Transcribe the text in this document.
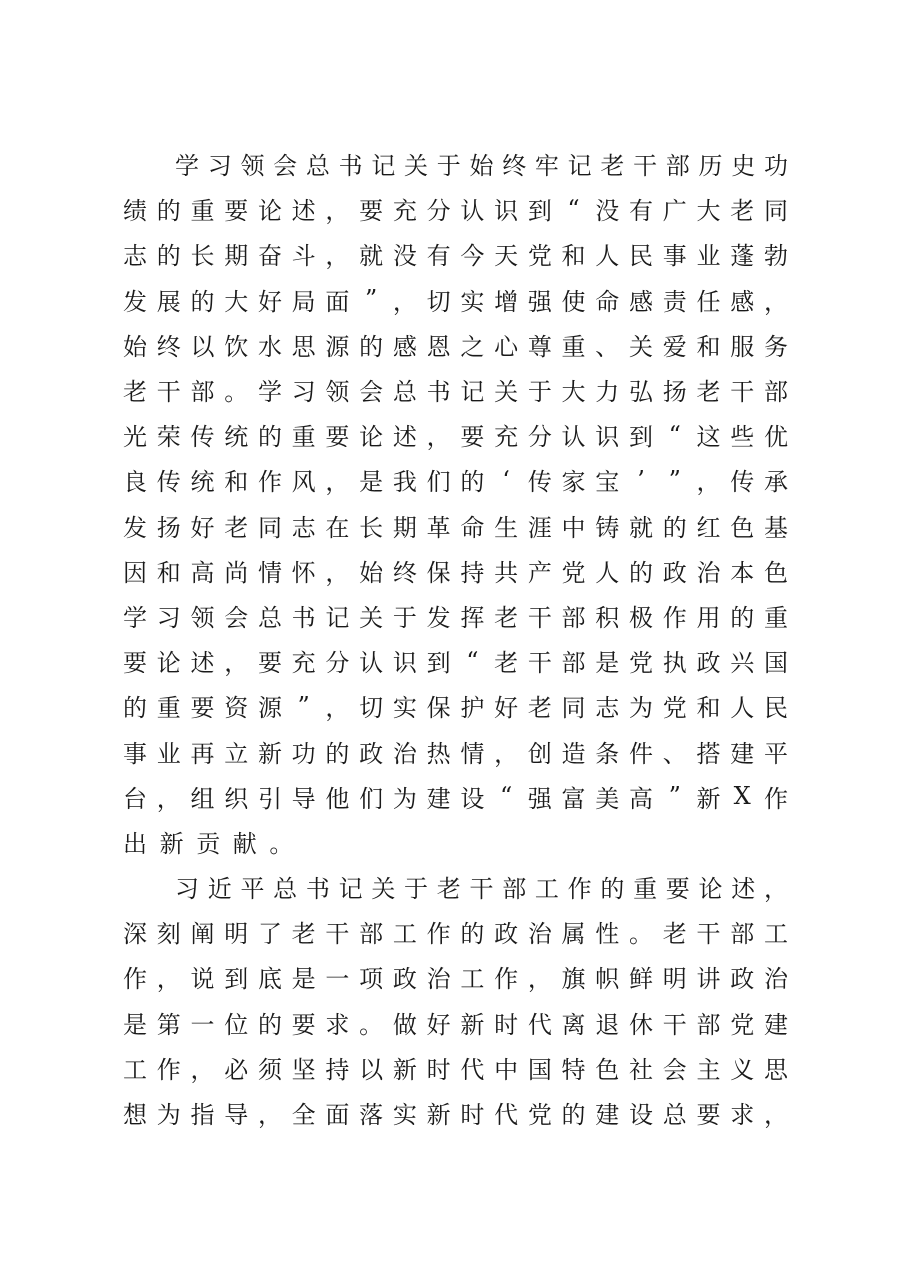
学 习 领 会 总 书 记 关 于 始 终 牢 记 老 干 部 历 史 功
绩 的 重 要 论 述 ， 要 充 分 认 识 到 “ 没 有 广 大 老 同
志 的 长 期 奋 斗 ， 就 没 有 今 天 党 和 人 民 事 业 蓬 勃
发 展 的 大 好 局 面 ” ， 切 实 增 强 使 命 感 责 任 感 ，
始 终 以 饮 水 思 源 的 感 恩 之 心 尊 重 、 关 爱 和 服 务
老 干 部 。 学 习 领 会 总 书 记 关 于 大 力 弘 扬 老 干 部
光 荣 传 统 的 重 要 论 述 ， 要 充 分 认 识 到 “ 这 些 优
良 传 统 和 作 风 ， 是 我 们 的 ‘ 传 家 宝 ’ ” ， 传 承
发 扬 好 老 同 志 在 长 期 革 命 生 涯 中 铸 就 的 红 色 基
因 和 高 尚 情 怀 ， 始 终 保 持 共 产 党 人 的 政 治 本 色
学 习 领 会 总 书 记 关 于 发 挥 老 干 部 积 极 作 用 的 重
要 论 述 ， 要 充 分 认 识 到 “ 老 干 部 是 党 执 政 兴 国
的 重 要 资 源 ” ， 切 实 保 护 好 老 同 志 为 党 和 人 民
事 业 再 立 新 功 的 政 治 热 情 ， 创 造 条 件 、 搭 建 平
台 ， 组 织 引 导 他 们 为 建 设 “ 强 富 美 高 ” 新 X 作
出 新 贡 献 。
习 近 平 总 书 记 关 于 老 干 部 工 作 的 重 要 论 述 ，
深 刻 阐 明 了 老 干 部 工 作 的 政 治 属 性 。 老 干 部 工
作 ， 说 到 底 是 一 项 政 治 工 作 ， 旗 帜 鲜 明 讲 政 治
是 第 一 位 的 要 求 。 做 好 新 时 代 离 退 休 干 部 党 建
工 作 ， 必 须 坚 持 以 新 时 代 中 国 特 色 社 会 主 义 思
想 为 指 导 ， 全 面 落 实 新 时 代 党 的 建 设 总 要 求 ，
